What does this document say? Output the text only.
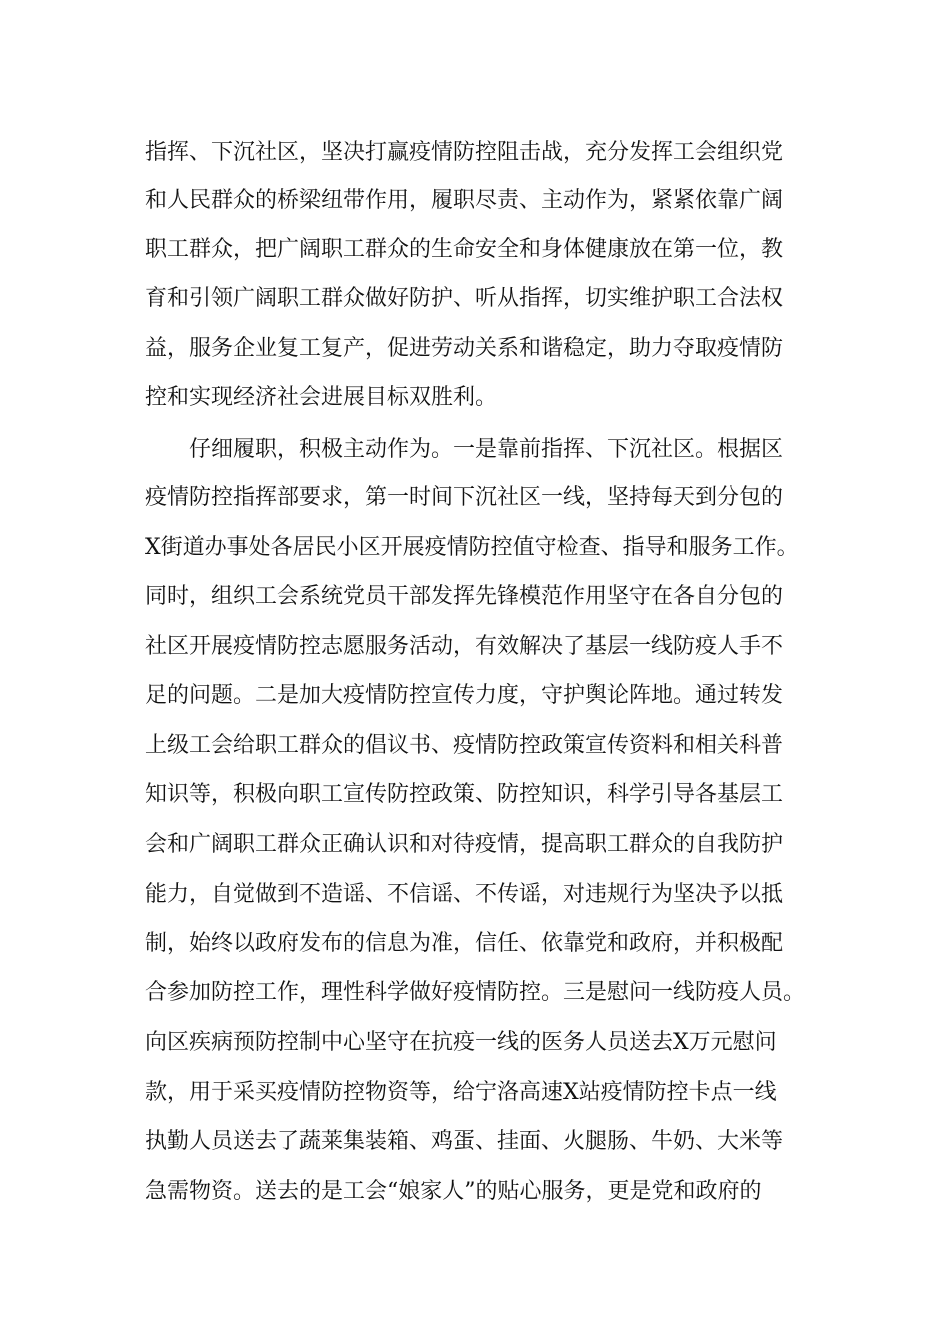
指挥、下沉社区，坚决打赢疫情防控阻击战，充分发挥工会组织党
和人民群众的桥梁纽带作用，履职尽责、主动作为，紧紧依靠广阔
职工群众，把广阔职工群众的生命安全和身体健康放在第一位，教
育和引领广阔职工群众做好防护、听从指挥，切实维护职工合法权
益，服务企业复工复产，促进劳动关系和谐稳定，助力夺取疫情防
控和实现经济社会进展目标双胜利。
仔细履职，积极主动作为。一是靠前指挥、下沉社区。根据区
疫情防控指挥部要求，第一时间下沉社区一线，坚持每天到分包的
X街道办事处各居民小区开展疫情防控值守检查、指导和服务工作。
同时，组织工会系统党员干部发挥先锋模范作用坚守在各自分包的
社区开展疫情防控志愿服务活动，有效解决了基层一线防疫人手不
足的问题。二是加大疫情防控宣传力度，守护舆论阵地。通过转发
上级工会给职工群众的倡议书、疫情防控政策宣传资料和相关科普
知识等，积极向职工宣传防控政策、防控知识，科学引导各基层工
会和广阔职工群众正确认识和对待疫情，提高职工群众的自我防护
能力，自觉做到不造谣、不信谣、不传谣，对违规行为坚决予以抵
制，始终以政府发布的信息为准，信任、依靠党和政府，并积极配
合参加防控工作，理性科学做好疫情防控。三是慰问一线防疫人员。
向区疾病预防控制中心坚守在抗疫一线的医务人员送去X万元慰问
款，用于采买疫情防控物资等，给宁洛高速X站疫情防控卡点一线
执勤人员送去了蔬莱集装箱、鸡蛋、挂面、火腿肠、牛奶、大米等
急需物资。送去的是工会“娘家人”的贴心服务，更是党和政府的
